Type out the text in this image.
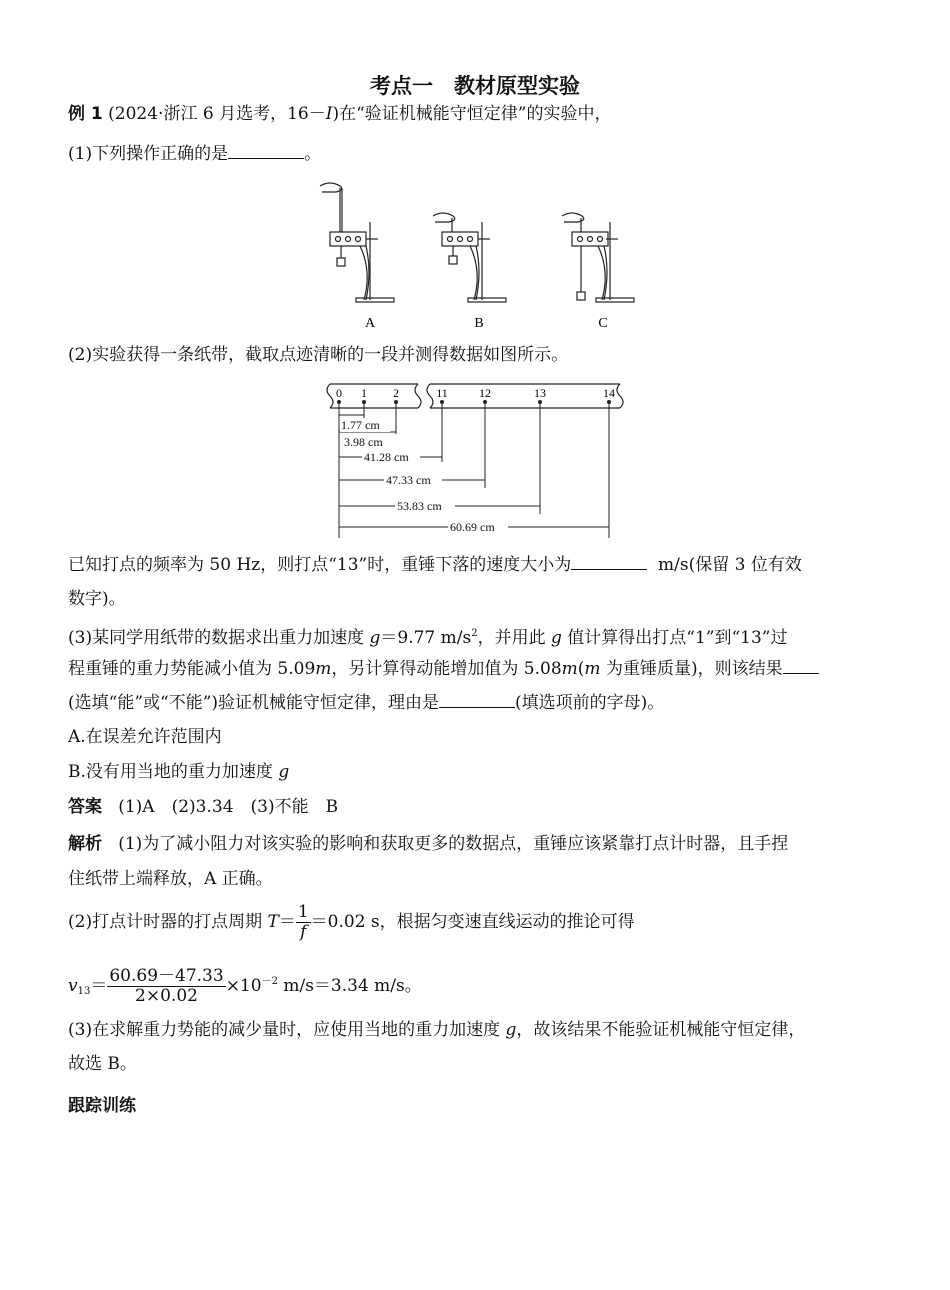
考点一　教材原型实验
例 1 (2024·浙江 6 月选考，16－Ⅰ)在“验证机械能守恒定律”的实验中，
(1)下列操作正确的是	。
A	B	C
(2)实验获得一条纸带，截取点迹清晰的一段并测得数据如图所示。
0 1 2	11	12	13	14
1.77 cm
3.98 cm
41.28 cm
47.33 cm
53.83 cm
60.69 cm
已知打点的频率为 50 Hz，则打点“13”时，重锤下落的速度大小为	m/s(保留 3 位有效
数字)。
(3)某同学用纸带的数据求出重力加速度 g＝9.77 $m/s^2$，并用此 g 值计算得出打点“1”到“13”过
程重锤的重力势能减小值为 5.09m，另计算得动能增加值为 5.08m(m 为重锤质量)，则该结果
(选填“能”或“不能”)验证机械能守恒定律，理由是	(填选项前的字母)。
A.在误差允许范围内
B.没有用当地的重力加速度 g
答案 (1)A　(2)3.34　(3)不能　B
解析 (1)为了减小阻力对该实验的影响和获取更多的数据点，重锤应该紧靠打点计时器，且手捏
住纸带上端释放，A 正确。
(2)打点计时器的打点周期 $T= \frac{1}{f} =0.02$ s，根据匀变速直线运动的推论可得
$v_{13}= \frac{60.69-47.33}{2\times 0.02} \times 10^{-2}$ m/s＝3.34 m/s。
(3)在求解重力势能的减少量时，应使用当地的重力加速度 g，故该结果不能验证机械能守恒定律，
故选 B。
跟踪训练
